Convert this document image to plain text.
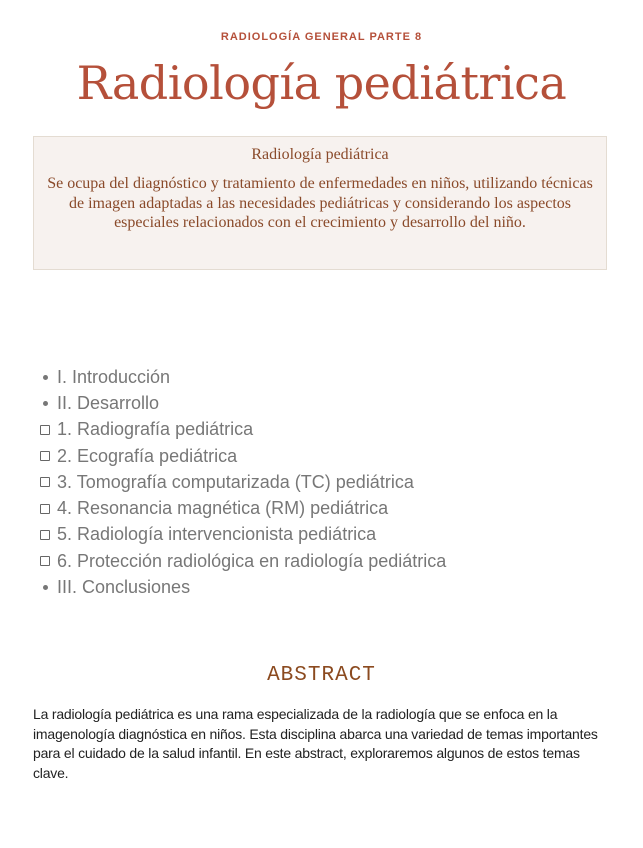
RADIOLOGÍA GENERAL PARTE 8
Radiología pediátrica
Radiología pediátrica
Se ocupa del diagnóstico y tratamiento de enfermedades en niños, utilizando técnicas de imagen adaptadas a las necesidades pediátricas y considerando los aspectos especiales relacionados con el crecimiento y desarrollo del niño.
I. Introducción
II. Desarrollo
1. Radiografía pediátrica
2. Ecografía pediátrica
3. Tomografía computarizada (TC) pediátrica
4. Resonancia magnética (RM) pediátrica
5. Radiología intervencionista pediátrica
6. Protección radiológica en radiología pediátrica
III. Conclusiones
ABSTRACT
La radiología pediátrica es una rama especializada de la radiología que se enfoca en la imagenología diagnóstica en niños. Esta disciplina abarca una variedad de temas importantes para el cuidado de la salud infantil. En este abstract, exploraremos algunos de estos temas clave.
